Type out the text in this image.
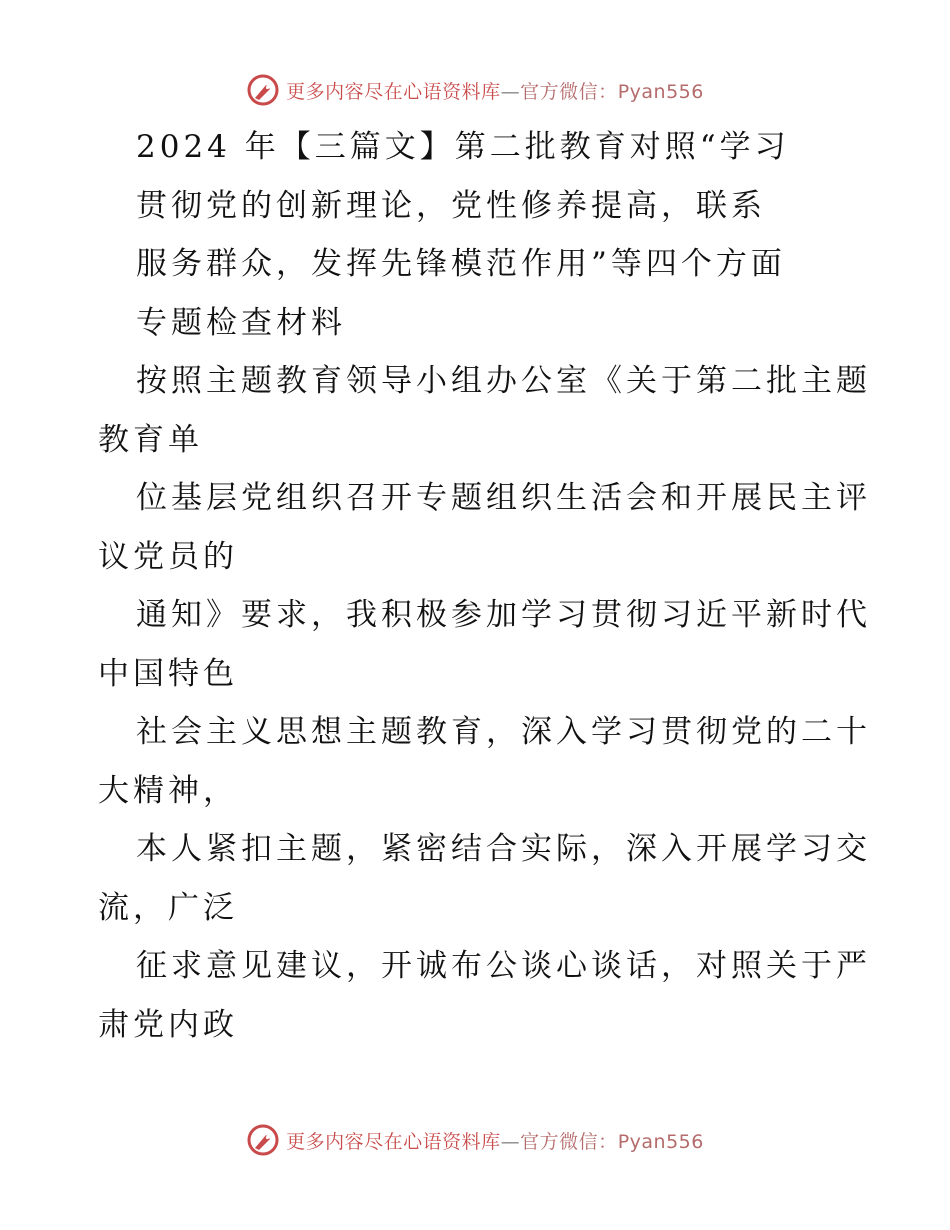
更多内容尽在心语资料库—官方微信：Pyan556
2024 年【三篇文】第二批教育对照“学习
贯彻党的创新理论，党性修养提高，联系
服务群众，发挥先锋模范作用”等四个方面
专题检查材料
按照主题教育领导小组办公室《关于第二批主题
教育单
位基层党组织召开专题组织生活会和开展民主评
议党员的
通知》要求，我积极参加学习贯彻习近平新时代
中国特色
社会主义思想主题教育，深入学习贯彻党的二十
大精神，
本人紧扣主题，紧密结合实际，深入开展学习交
流，广泛
征求意见建议，开诚布公谈心谈话，对照关于严
肃党内政
更多内容尽在心语资料库—官方微信：Pyan556
